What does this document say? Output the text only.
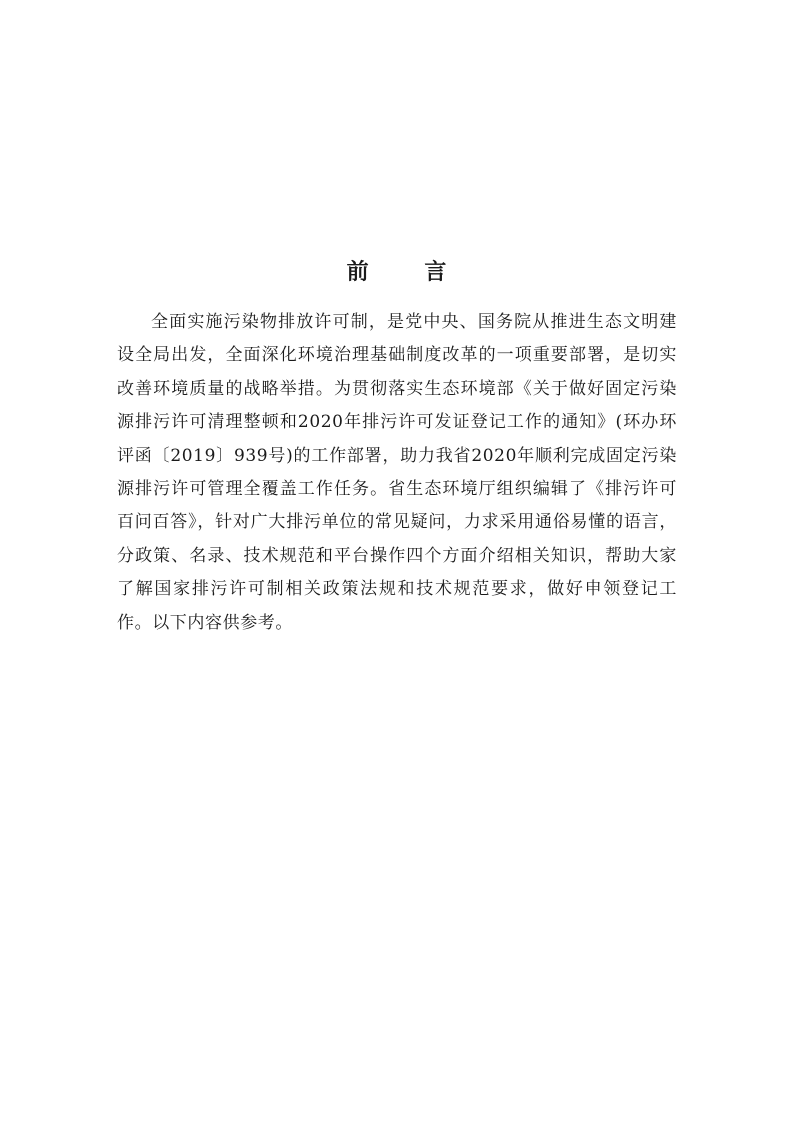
前 言

全面实施污染物排放许可制，是党中央、国务院从推进生态文明建设全局出发，全面深化环境治理基础制度改革的一项重要部署，是切实改善环境质量的战略举措。为贯彻落实生态环境部《关于做好固定污染源排污许可清理整顿和2020年排污许可发证登记工作的通知》(环办环评函〔2019〕939号)的工作部署，助力我省2020年顺利完成固定污染源排污许可管理全覆盖工作任务。省生态环境厅组织编辑了《排污许可百问百答》，针对广大排污单位的常见疑问，力求采用通俗易懂的语言，分政策、名录、技术规范和平台操作四个方面介绍相关知识，帮助大家了解国家排污许可制相关政策法规和技术规范要求，做好申领登记工作。以下内容供参考。
